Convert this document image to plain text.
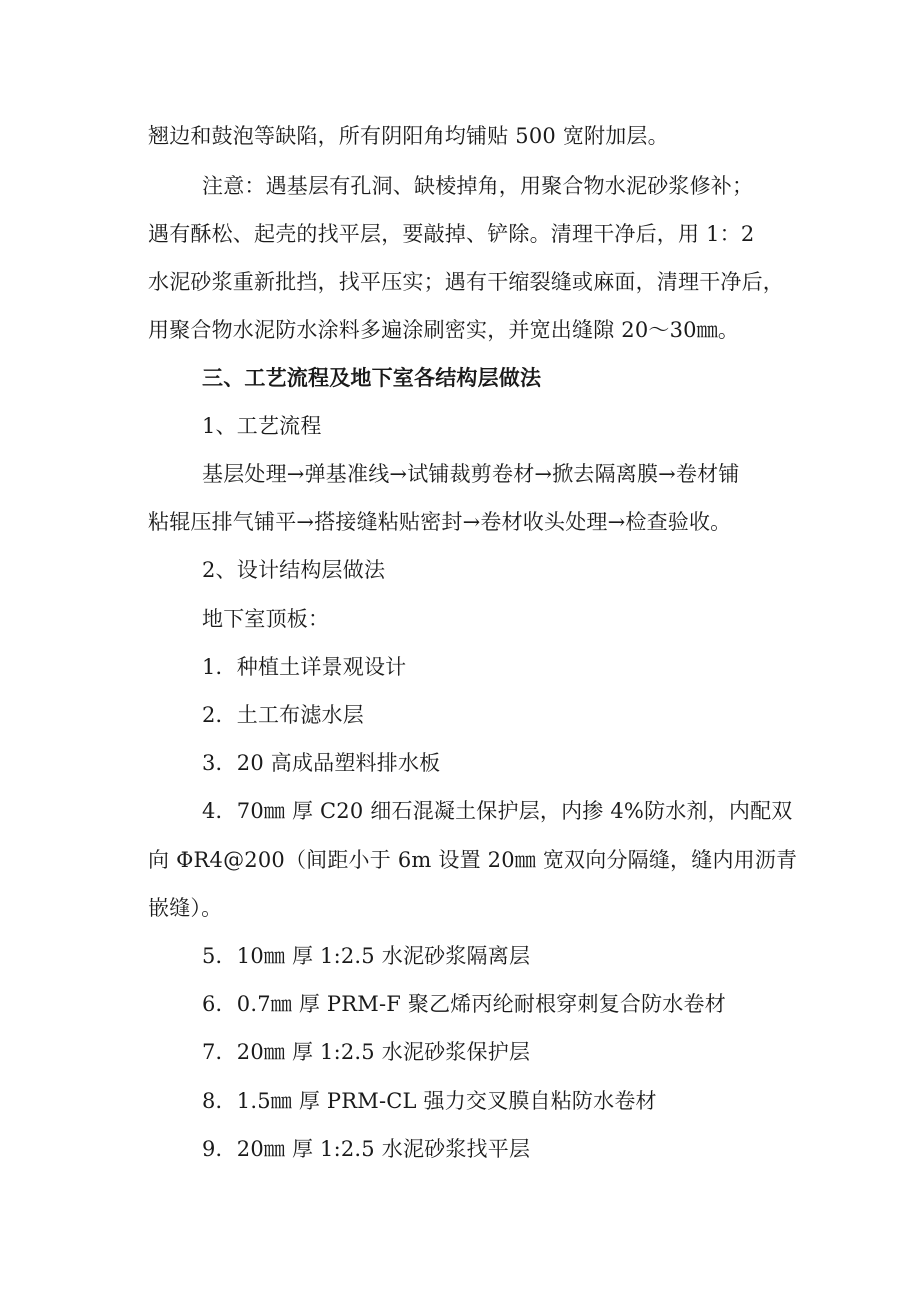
翘边和鼓泡等缺陷，所有阴阳角均铺贴 500 宽附加层。
注意：遇基层有孔洞、缺棱掉角，用聚合物水泥砂浆修补；
遇有酥松、起壳的找平层，要敲掉、铲除。清理干净后，用 1：2
水泥砂浆重新批挡，找平压实；遇有干缩裂缝或麻面，清理干净后，
用聚合物水泥防水涂料多遍涂刷密实，并宽出缝隙 20～30㎜。
三、工艺流程及地下室各结构层做法
1、工艺流程
基层处理→弹基准线→试铺裁剪卷材→掀去隔离膜→卷材铺
粘辊压排气铺平→搭接缝粘贴密封→卷材收头处理→检查验收。
2、设计结构层做法
地下室顶板：
1．种植土详景观设计
2．土工布滤水层
3．20 高成品塑料排水板
4．70㎜ 厚 C20 细石混凝土保护层，内掺 4%防水剂，内配双
向 ΦR4@200（间距小于 6m 设置 20㎜ 宽双向分隔缝，缝内用沥青
嵌缝）。
5．10㎜ 厚 1:2.5 水泥砂浆隔离层
6．0.7㎜ 厚 PRM-F 聚乙烯丙纶耐根穿刺复合防水卷材
7．20㎜ 厚 1:2.5 水泥砂浆保护层
8．1.5㎜ 厚 PRM-CL 强力交叉膜自粘防水卷材
9．20㎜ 厚 1:2.5 水泥砂浆找平层
